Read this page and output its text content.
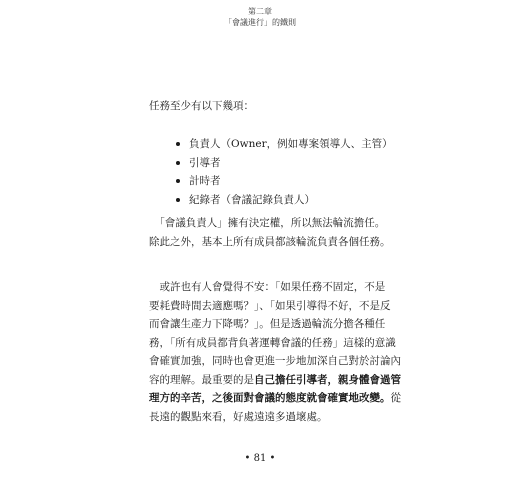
第二章
「會議進行」的鐵則
任務至少有以下幾項：
負責人（Owner，例如專案領導人、主管）
引導者
計時者
紀錄者（會議記錄負責人）
　「會議負責人」擁有決定權，所以無法輪流擔任。
除此之外，基本上所有成員都該輪流負責各個任務。
　或許也有人會覺得不安：「如果任務不固定，不是
要耗費時間去適應嗎？」、「如果引導得不好，不是反
而會讓生產力下降嗎？」。但是透過輪流分擔各種任
務，「所有成員都背負著運轉會議的任務」這樣的意識
會確實加強，同時也會更進一步地加深自己對於討論內
容的理解。最重要的是自己擔任引導者，親身體會過管
理方的辛苦，之後面對會議的態度就會確實地改變。從
長遠的觀點來看，好處遠遠多過壞處。
• 81 •
